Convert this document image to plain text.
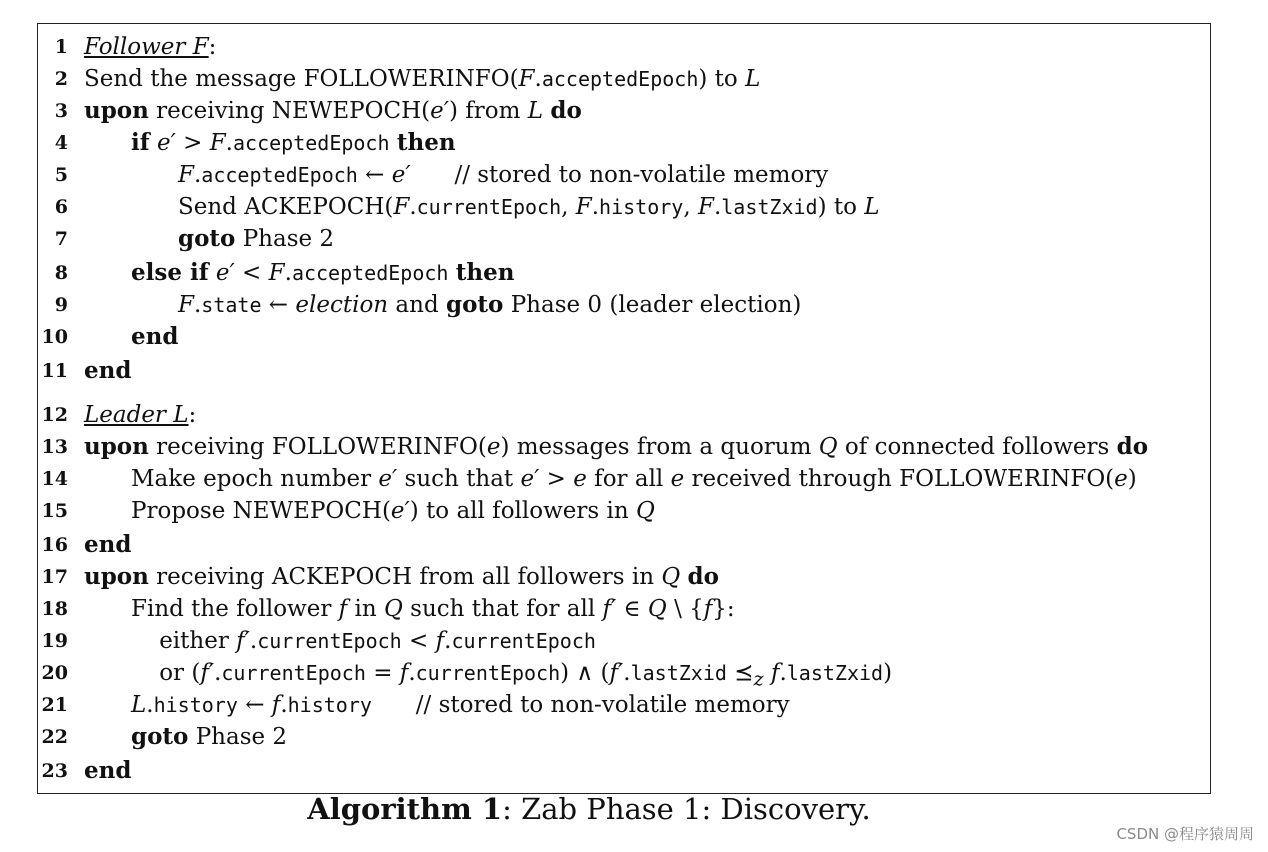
1 Follower F:
2 Send the message FOLLOWERINFO(F.acceptedEpoch) to L
3 upon receiving NEWEPOCH(e′) from L do
4	if e′ > F.acceptedEpoch then
5	F.acceptedEpoch ← e′      // stored to non-volatile memory
6	Send ACKEPOCH(F.currentEpoch, F.history, F.lastZxid) to L
7	goto Phase 2
8	else if e′ < F.acceptedEpoch then
9	F.state ← election and goto Phase 0 (leader election)
10	end
11 end
12 Leader L:
13 upon receiving FOLLOWERINFO(e) messages from a quorum Q of connected followers do
14	Make epoch number e′ such that e′ > e for all e received through FOLLOWERINFO(e)
15	Propose NEWEPOCH(e′) to all followers in Q
16 end
17 upon receiving ACKEPOCH from all followers in Q do
18	Find the follower f in Q such that for all f′ ∈ Q \ {f}:
19	either f′.currentEpoch < f.currentEpoch
20	or (f′.currentEpoch = f.currentEpoch) ∧ (f′.lastZxid $⪯_z$ f.lastZxid)
21	L.history ← f.history      // stored to non-volatile memory
22	goto Phase 2
23 end
Algorithm 1: Zab Phase 1: Discovery.
CSDN @程序猿周周
